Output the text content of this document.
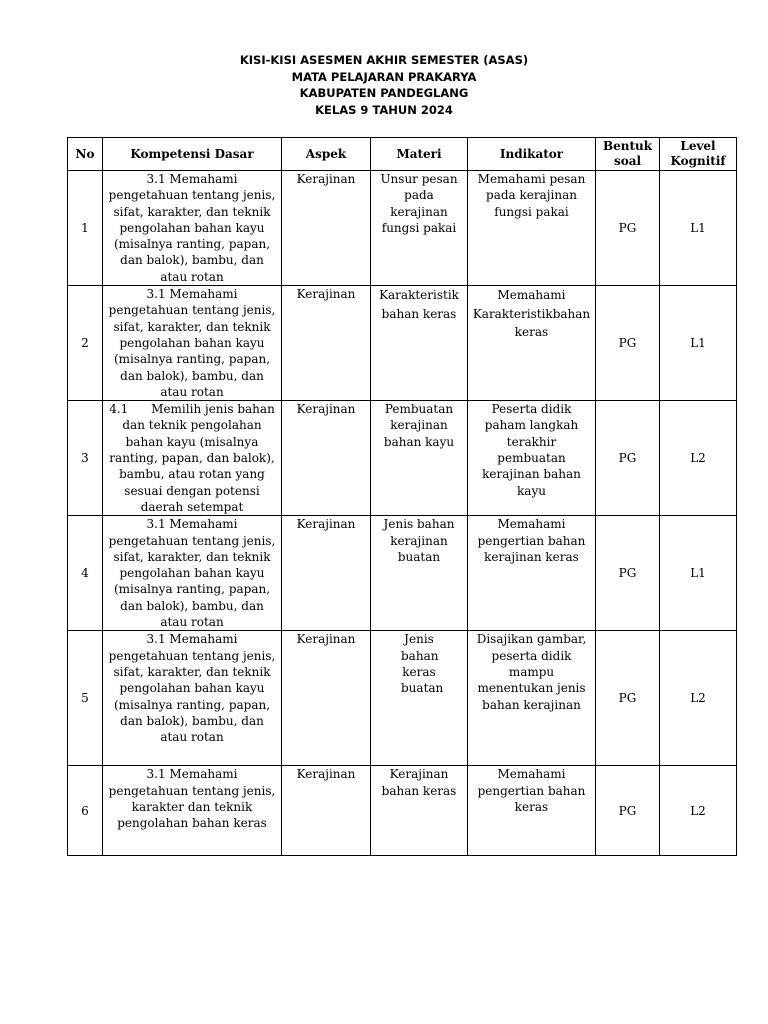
KISI-KISI ASESMEN AKHIR SEMESTER (ASAS)
MATA PELAJARAN PRAKARYA
KABUPATEN PANDEGLANG
KELAS 9 TAHUN 2024
No	Kompetensi Dasar	Aspek	Materi	Indikator	Bentuk soal	Level Kognitif
1	3.1 Memahami pengetahuan tentang jenis, sifat, karakter, dan teknik pengolahan bahan kayu (misalnya ranting, papan, dan balok), bambu, dan atau rotan	Kerajinan	Unsur pesan pada kerajinan fungsi pakai	Memahami pesan pada kerajinan fungsi pakai	PG	L1
2	3.1 Memahami pengetahuan tentang jenis, sifat, karakter, dan teknik pengolahan bahan kayu (misalnya ranting, papan, dan balok), bambu, dan atau rotan	Kerajinan	Karakteristik bahan keras	Memahami Karakteristikbahan keras	PG	L1
3	4.1      Memilih jenis bahan dan teknik pengolahan bahan kayu (misalnya ranting, papan, dan balok), bambu, atau rotan yang sesuai dengan potensi daerah setempat	Kerajinan	Pembuatan kerajinan bahan kayu	Peserta didik paham langkah terakhir pembuatan kerajinan bahan kayu	PG	L2
4	3.1 Memahami pengetahuan tentang jenis, sifat, karakter, dan teknik pengolahan bahan kayu (misalnya ranting, papan, dan balok), bambu, dan atau rotan	Kerajinan	Jenis bahan kerajinan buatan	Memahami pengertian bahan kerajinan keras	PG	L1
5	3.1 Memahami pengetahuan tentang jenis, sifat, karakter, dan teknik pengolahan bahan kayu (misalnya ranting, papan, dan balok), bambu, dan atau rotan	Kerajinan	Jenis bahan keras buatan	Disajikan gambar, peserta didik mampu menentukan jenis bahan kerajinan	PG	L2
6	3.1 Memahami pengetahuan tentang jenis, karakter dan teknik pengolahan bahan keras	Kerajinan	Kerajinan bahan keras	Memahami pengertian bahan keras	PG	L2
